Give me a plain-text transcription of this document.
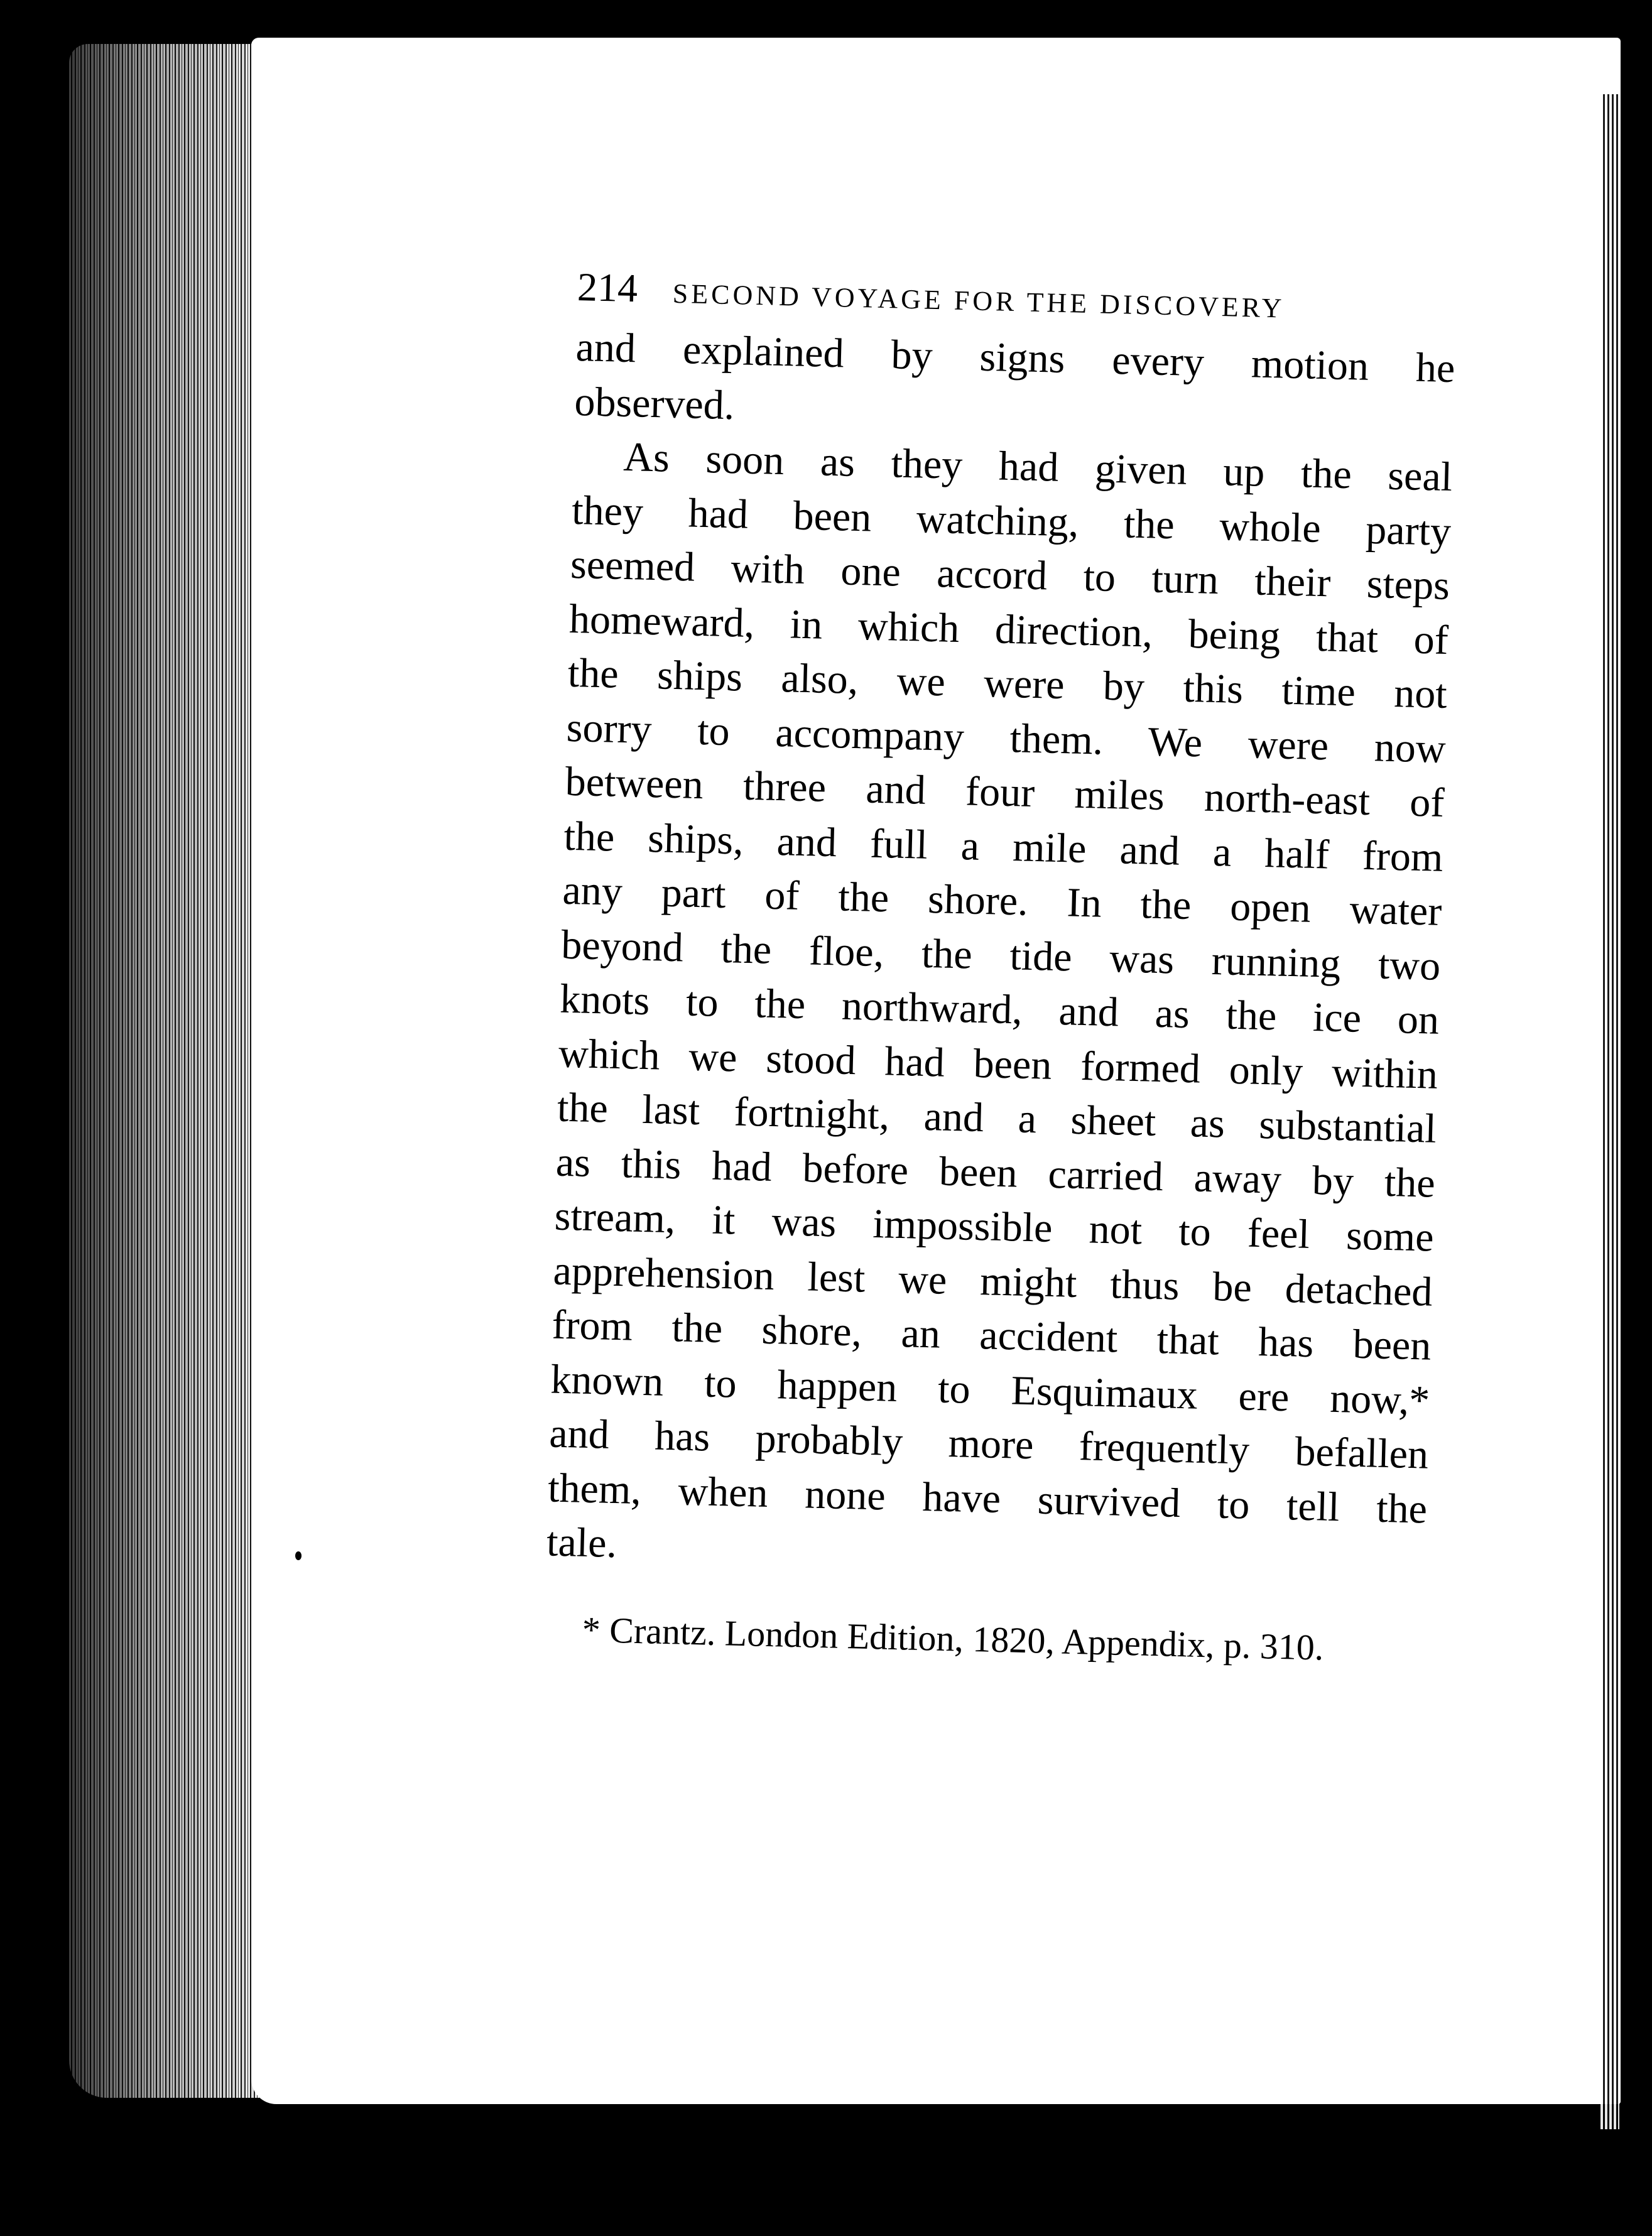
214 SECOND VOYAGE FOR THE DISCOVERY
and explained by signs every motion he
observed.
As soon as they had given up the seal
they had been watching, the whole party
seemed with one accord to turn their steps
homeward, in which direction, being that of
the ships also, we were by this time not
sorry to accompany them. We were now
between three and four miles north-east of
the ships, and full a mile and a half from
any part of the shore. In the open water
beyond the floe, the tide was running two
knots to the northward, and as the ice on
which we stood had been formed only within
the last fortnight, and a sheet as substantial
as this had before been carried away by the
stream, it was impossible not to feel some
apprehension lest we might thus be detached
from the shore, an accident that has been
known to happen to Esquimaux ere now,*
and has probably more frequently befallen
them, when none have survived to tell the
tale.
* Crantz. London Edition, 1820, Appendix, p. 310.
